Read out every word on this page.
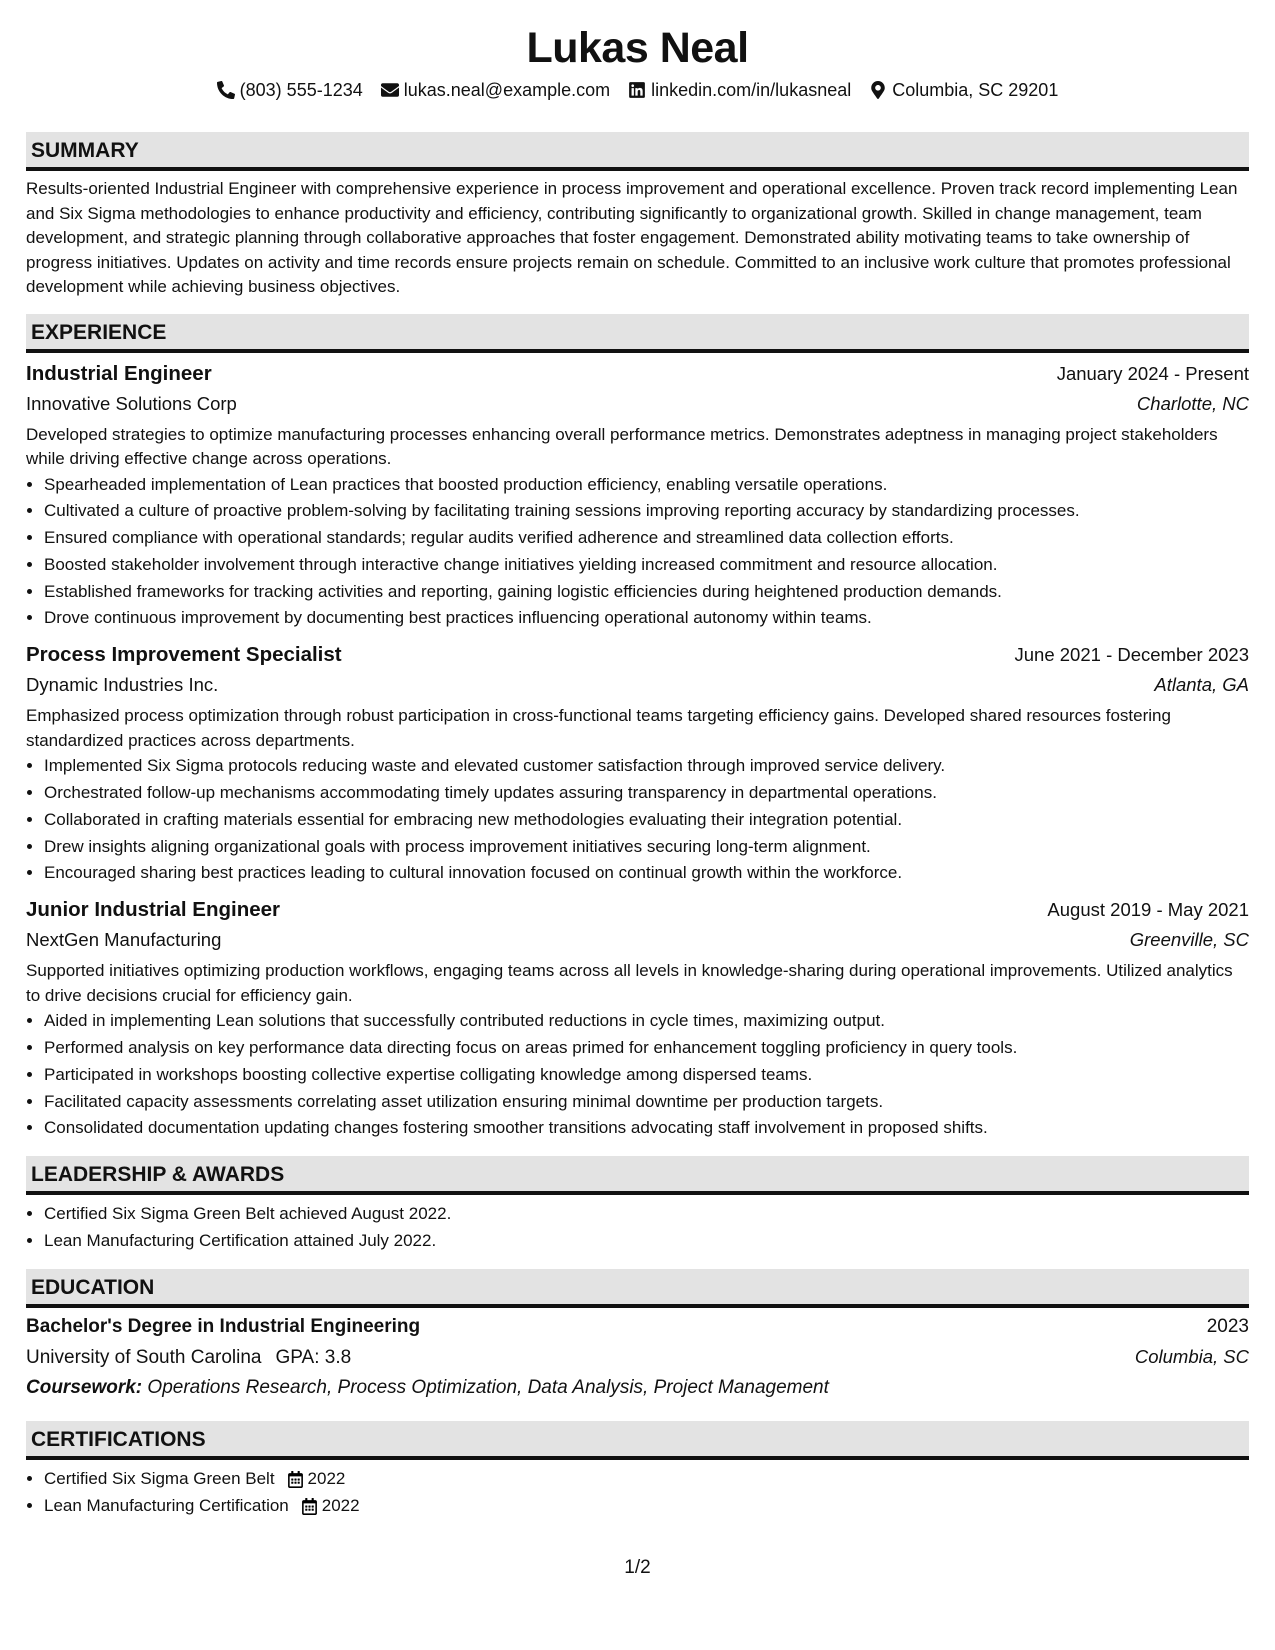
Lukas Neal
(803) 555-1234 lukas.neal@example.com linkedin.com/in/lukasneal Columbia, SC 29201
SUMMARY

Results-oriented Industrial Engineer with comprehensive experience in process improvement and operational excellence. Proven track record implementing Lean and Six Sigma methodologies to enhance productivity and efficiency, contributing significantly to organizational growth. Skilled in change management, team development, and strategic planning through collaborative approaches that foster engagement. Demonstrated ability motivating teams to take ownership of progress initiatives. Updates on activity and time records ensure projects remain on schedule. Committed to an inclusive work culture that promotes professional development while achieving business objectives.

EXPERIENCE
Industrial Engineer	January 2024 - Present
Innovative Solutions Corp	Charlotte, NC

Developed strategies to optimize manufacturing processes enhancing overall performance metrics. Demonstrates adeptness in managing project stakeholders while driving effective change across operations.

• Spearheaded implementation of Lean practices that boosted production efficiency, enabling versatile operations.
• Cultivated a culture of proactive problem-solving by facilitating training sessions improving reporting accuracy by standardizing processes.
• Ensured compliance with operational standards; regular audits verified adherence and streamlined data collection efforts.
• Boosted stakeholder involvement through interactive change initiatives yielding increased commitment and resource allocation.
• Established frameworks for tracking activities and reporting, gaining logistic efficiencies during heightened production demands.
• Drove continuous improvement by documenting best practices influencing operational autonomy within teams.
Process Improvement Specialist	June 2021 - December 2023
Dynamic Industries Inc.	Atlanta, GA

Emphasized process optimization through robust participation in cross-functional teams targeting efficiency gains. Developed shared resources fostering standardized practices across departments.

• Implemented Six Sigma protocols reducing waste and elevated customer satisfaction through improved service delivery.
• Orchestrated follow-up mechanisms accommodating timely updates assuring transparency in departmental operations.
• Collaborated in crafting materials essential for embracing new methodologies evaluating their integration potential.
• Drew insights aligning organizational goals with process improvement initiatives securing long-term alignment.
• Encouraged sharing best practices leading to cultural innovation focused on continual growth within the workforce.
Junior Industrial Engineer	August 2019 - May 2021
NextGen Manufacturing	Greenville, SC

Supported initiatives optimizing production workflows, engaging teams across all levels in knowledge-sharing during operational improvements. Utilized analytics to drive decisions crucial for efficiency gain.

• Aided in implementing Lean solutions that successfully contributed reductions in cycle times, maximizing output.
• Performed analysis on key performance data directing focus on areas primed for enhancement toggling proficiency in query tools.
• Participated in workshops boosting collective expertise colligating knowledge among dispersed teams.
• Facilitated capacity assessments correlating asset utilization ensuring minimal downtime per production targets.
• Consolidated documentation updating changes fostering smoother transitions advocating staff involvement in proposed shifts.
LEADERSHIP & AWARDS
• Certified Six Sigma Green Belt achieved August 2022.
• Lean Manufacturing Certification attained July 2022.
EDUCATION
Bachelor's Degree in Industrial Engineering	2023
University of South Carolina GPA: 3.8	Columbia, SC
Coursework: Operations Research, Process Optimization, Data Analysis, Project Management
CERTIFICATIONS
• Certified Six Sigma Green Belt 2022
• Lean Manufacturing Certification 2022
1/2
